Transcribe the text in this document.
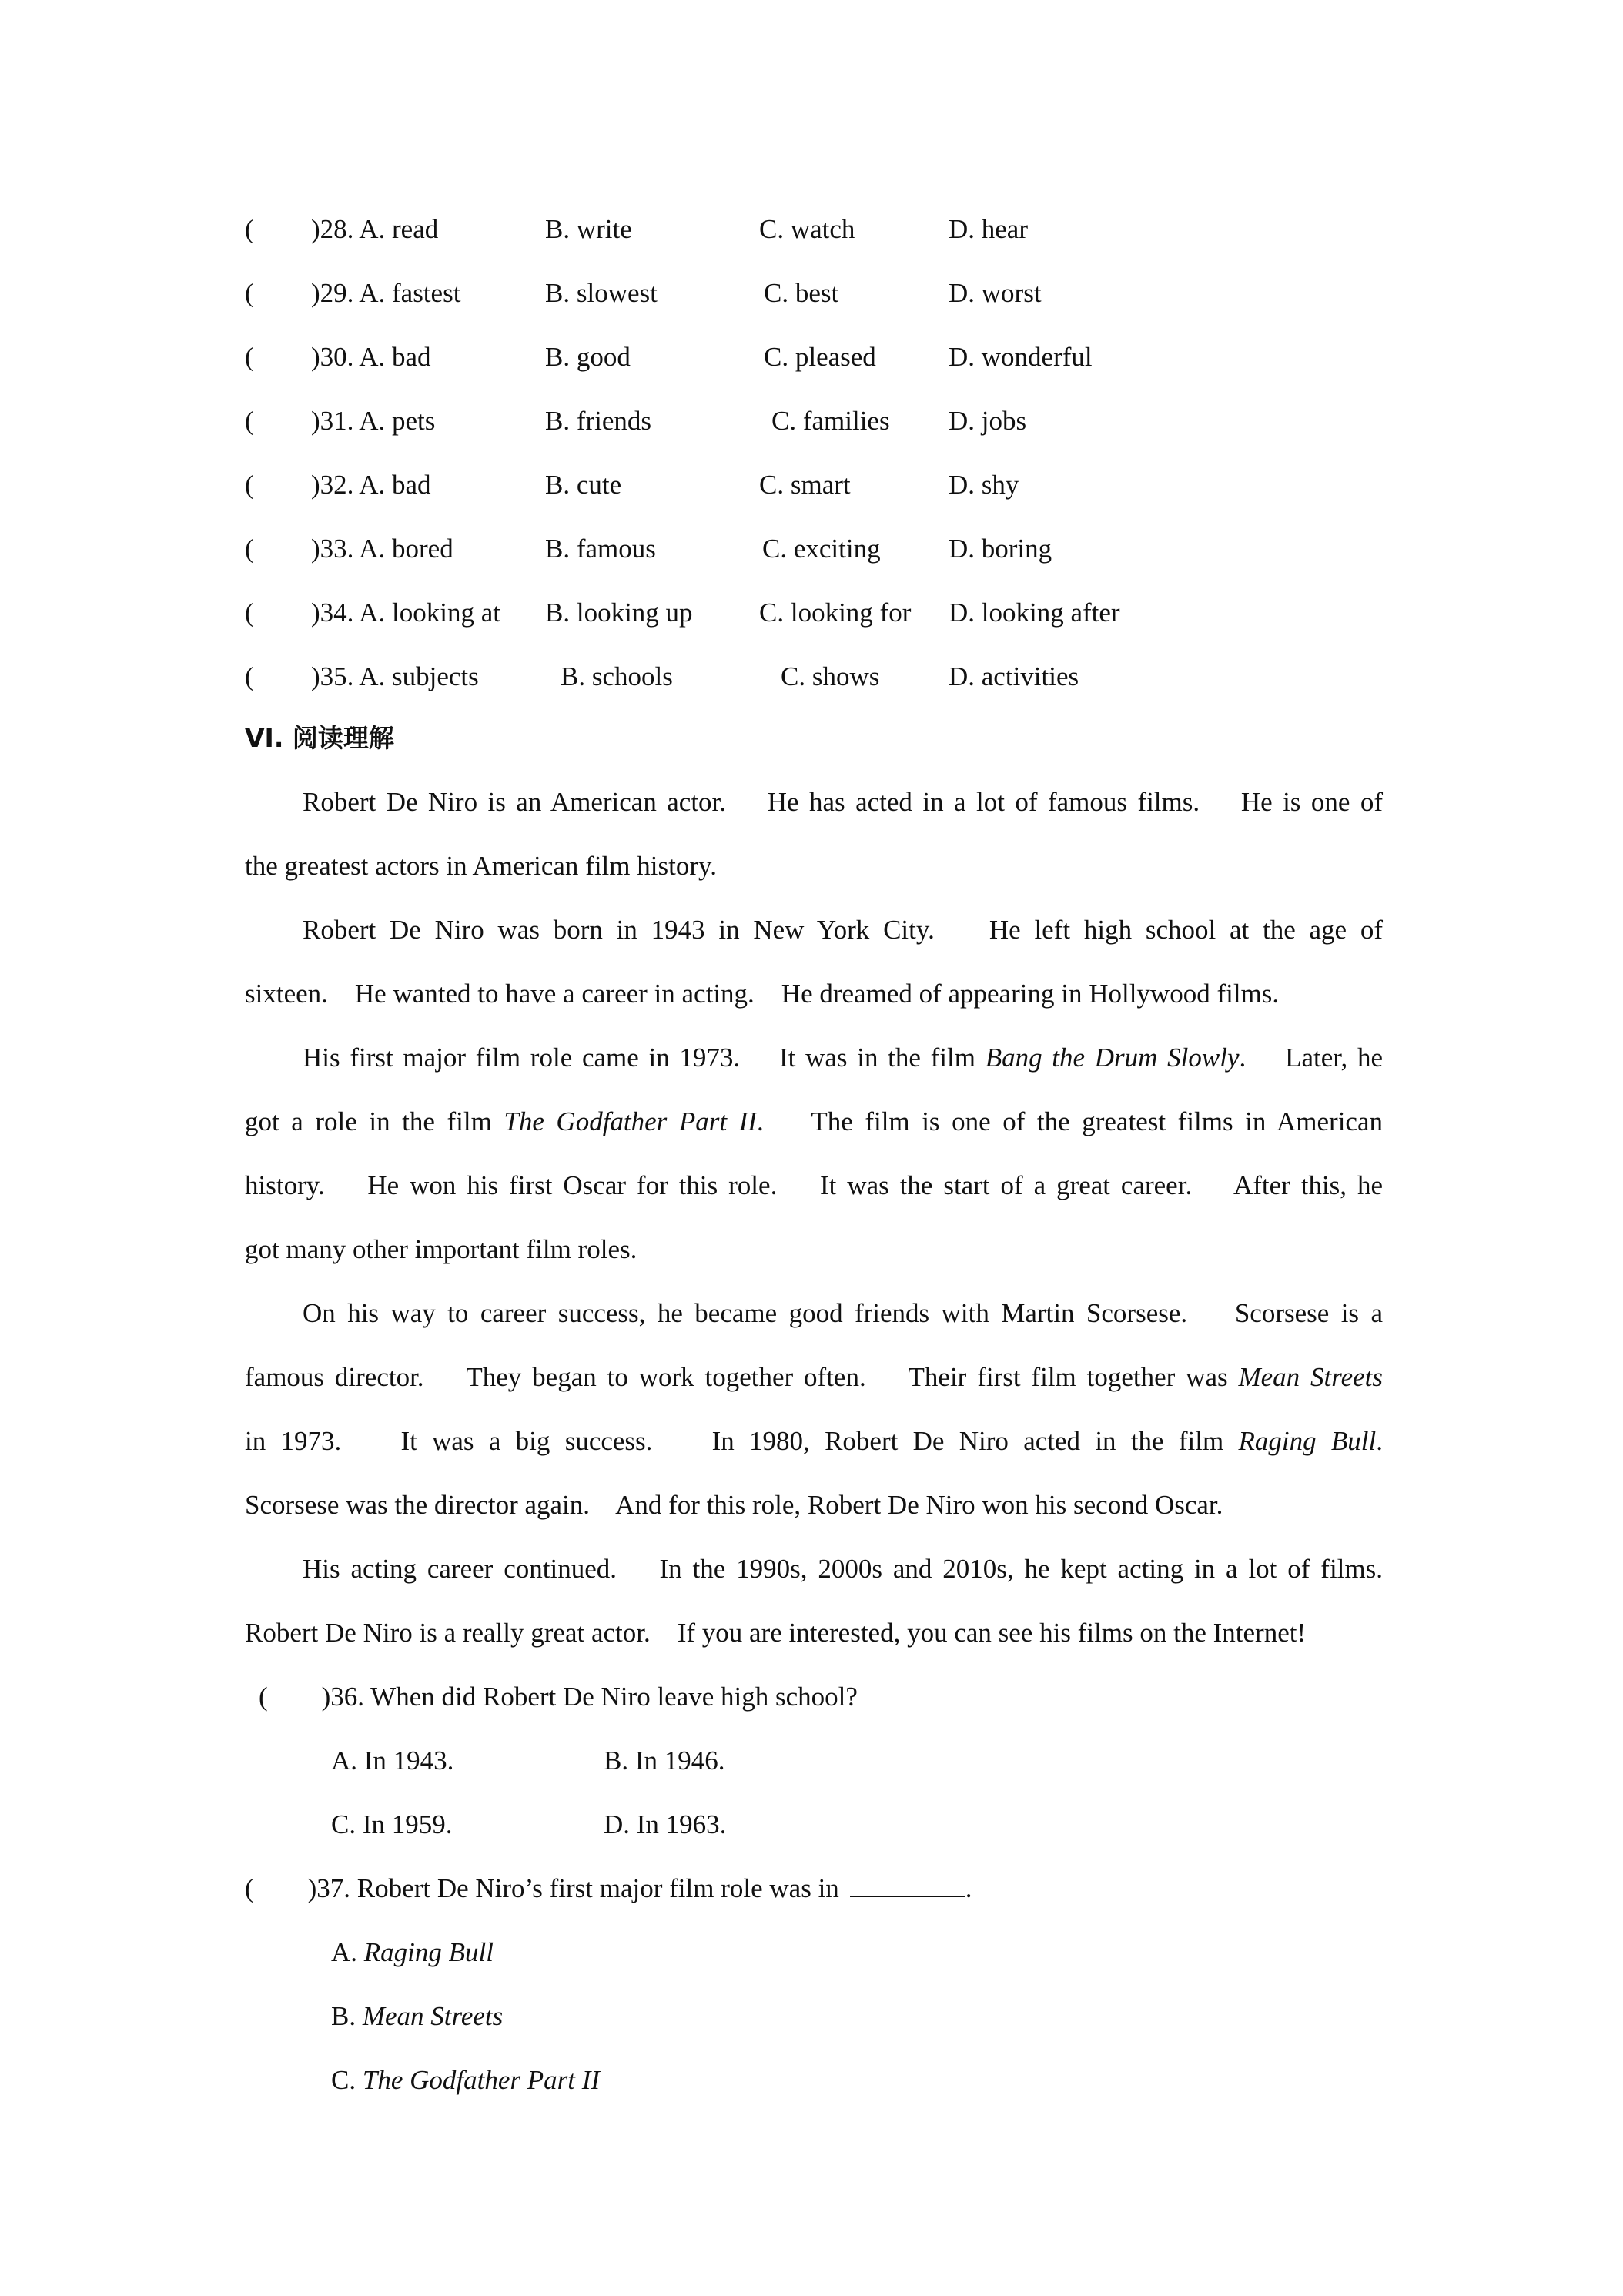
( )28. A. read	B. write	C. watch	D. hear
( )29. A. fastest	B. slowest	C. best	D. worst
( )30. A. bad	B. good	C. pleased	D. wonderful
( )31. A. pets	B. friends	C. families D. jobs
( )32. A. bad	B. cute	C. smart	D. shy
( )33. A. bored	B. famous	C. exciting	D. boring
( )34. A. looking at B. looking up C. looking for D. looking after
( )35. A. subjects	B. schools	C. shows	D. activities
VI. 阅读理解
Robert De Niro is an American actor.    He has acted in a lot of famous films.    He is one of
the greatest actors in American film history.
Robert De Niro was born in 1943 in New York City.    He left high school at the age of
sixteen.    He wanted to have a career in acting.    He dreamed of appearing in Hollywood films.
His first major film role came in 1973.    It was in the film Bang the Drum Slowly.    Later, he
got a role in the film The Godfather Part II.    The film is one of the greatest films in American
history.    He won his first Oscar for this role.    It was the start of a great career.    After this, he
got many other important film roles.
On his way to career success, he became good friends with Martin Scorsese.    Scorsese is a
famous director.    They began to work together often.    Their first film together was Mean Streets
in 1973.    It was a big success.    In 1980, Robert De Niro acted in the film Raging Bull.
Scorsese was the director again.    And for this role, Robert De Niro won his second Oscar.
His acting career continued.    In the 1990s, 2000s and 2010s, he kept acting in a lot of films.
Robert De Niro is a really great actor.    If you are interested, you can see his films on the Internet!
(        )36. When did Robert De Niro leave high school?
A. In 1943.	B. In 1946.
C. In 1959.	D. In 1963.
(        )37. Robert De Niro’s first major film role was in	.
A. Raging Bull
B. Mean Streets
C. The Godfather Part II
